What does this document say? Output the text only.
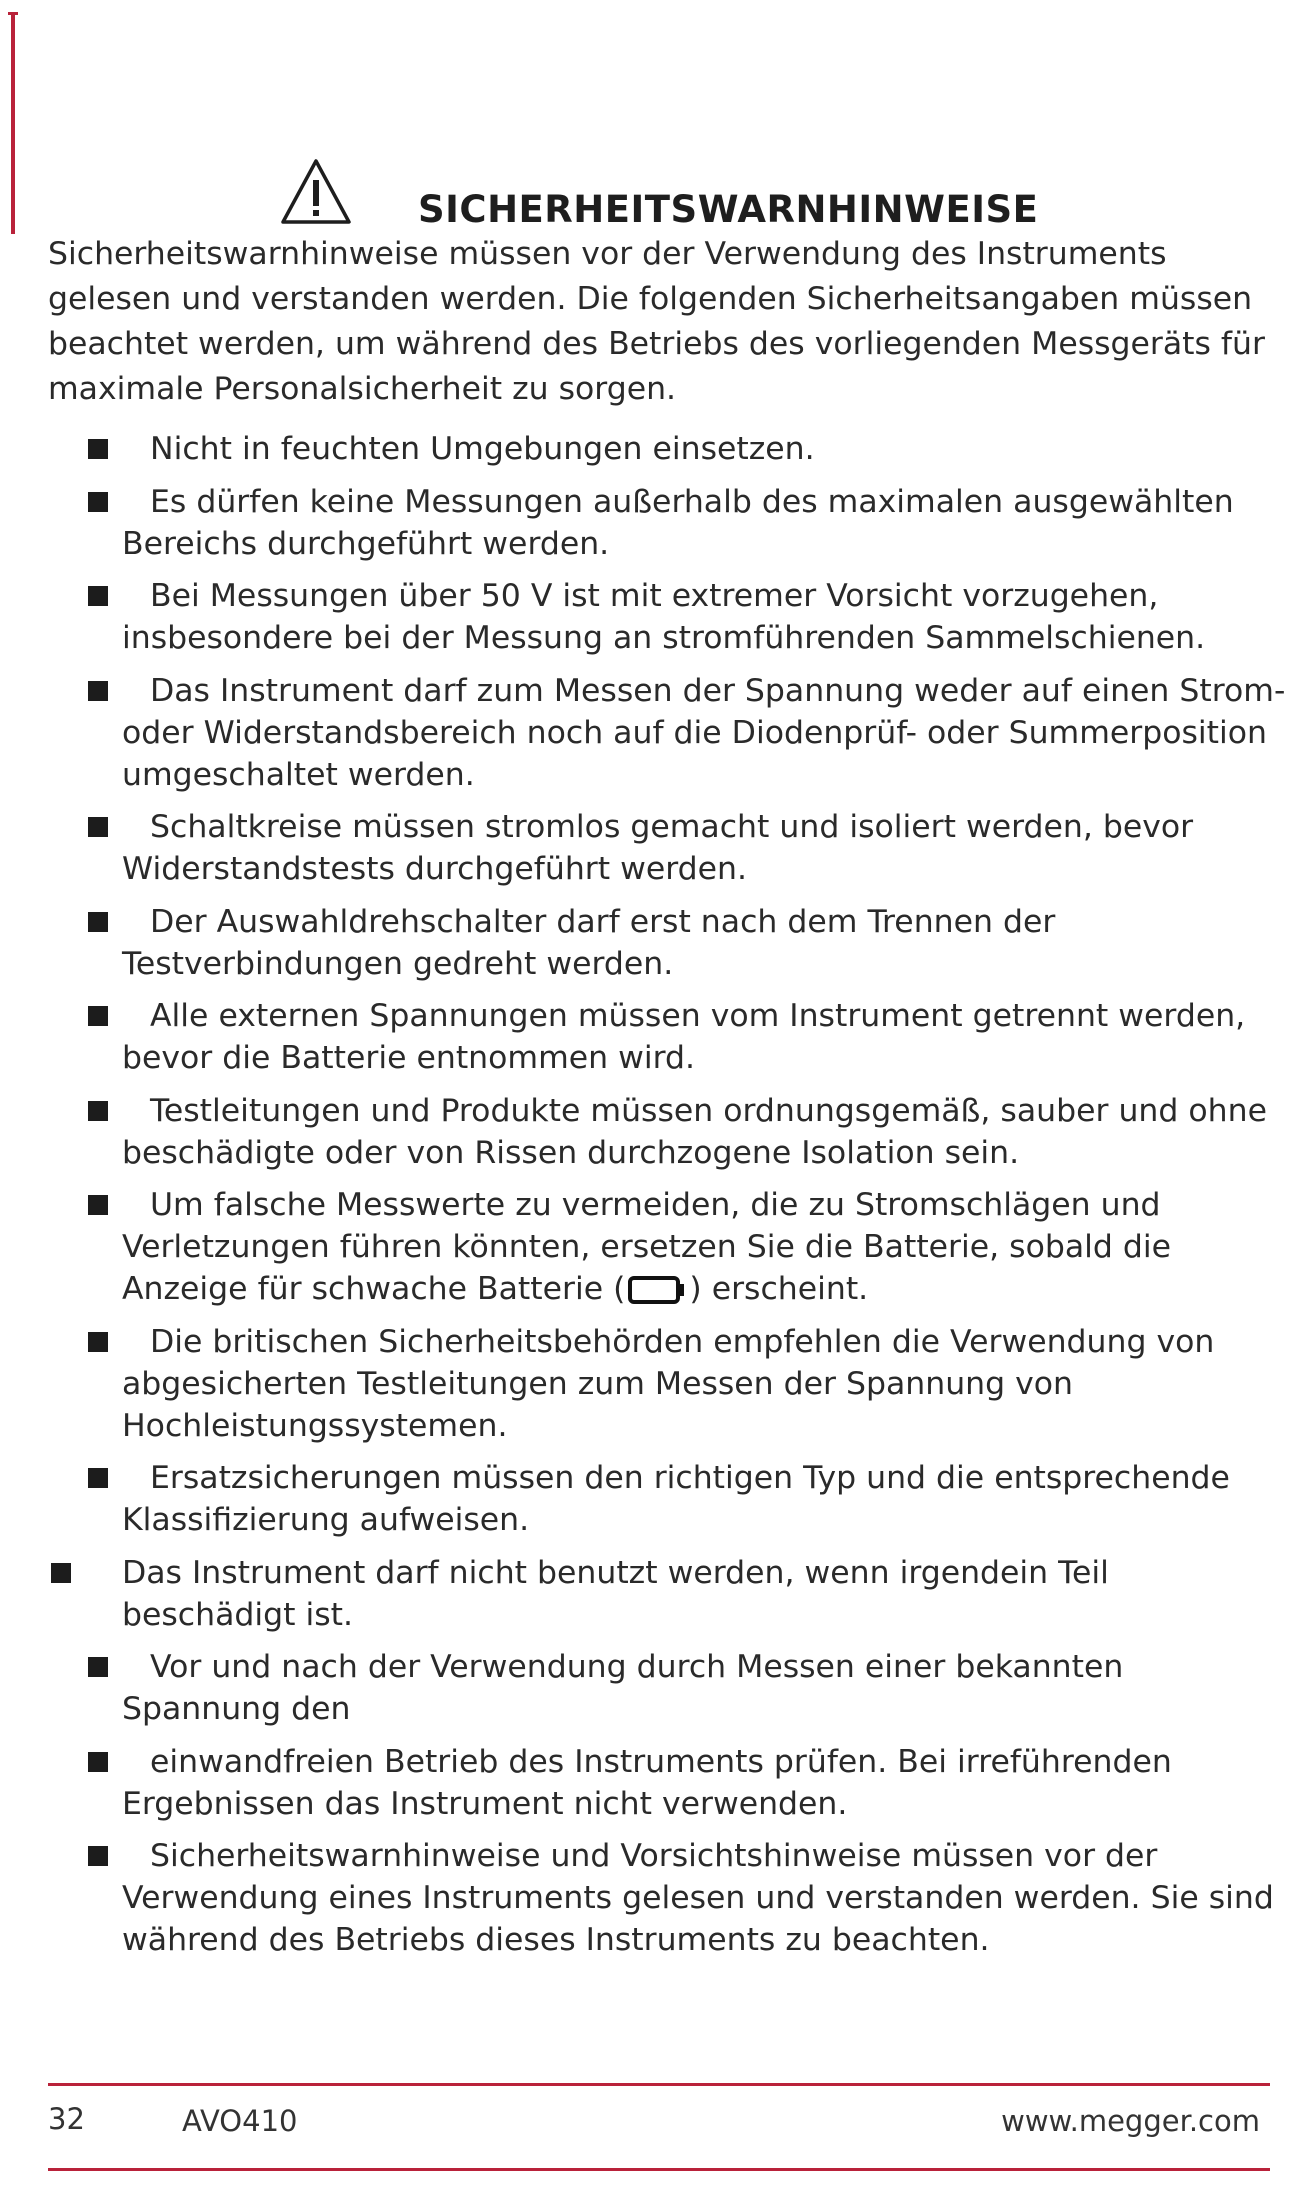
SICHERHEITSWARNHINWEISE

Sicherheitswarnhinweise müssen vor der Verwendung des Instruments gelesen und verstanden werden. Die folgenden Sicherheitsangaben müssen beachtet werden, um während des Betriebs des vorliegenden Messgeräts für maximale Personalsicherheit zu sorgen.

Nicht in feuchten Umgebungen einsetzen.
Es dürfen keine Messungen außerhalb des maximalen ausgewählten Bereichs durchgeführt werden.
Bei Messungen über 50 V ist mit extremer Vorsicht vorzugehen, insbesondere bei der Messung an stromführenden Sammelschienen.
Das Instrument darf zum Messen der Spannung weder auf einen Strom- oder Widerstandsbereich noch auf die Diodenprüf- oder Summerposition umgeschaltet werden.
Schaltkreise müssen stromlos gemacht und isoliert werden, bevor Widerstandstests durchgeführt werden.
Der Auswahldrehschalter darf erst nach dem Trennen der Testverbindungen gedreht werden.
Alle externen Spannungen müssen vom Instrument getrennt werden, bevor die Batterie entnommen wird.
Testleitungen und Produkte müssen ordnungsgemäß, sauber und ohne beschädigte oder von Rissen durchzogene Isolation sein.
Um falsche Messwerte zu vermeiden, die zu Stromschlägen und Verletzungen führen könnten, ersetzen Sie die Batterie, sobald die Anzeige für schwache Batterie ( ) erscheint.
Die britischen Sicherheitsbehörden empfehlen die Verwendung von abgesicherten Testleitungen zum Messen der Spannung von Hochleistungssystemen.
Ersatzsicherungen müssen den richtigen Typ und die entsprechende Klassifizierung aufweisen.
Das Instrument darf nicht benutzt werden, wenn irgendein Teil beschädigt ist.
Vor und nach der Verwendung durch Messen einer bekannten Spannung den
einwandfreien Betrieb des Instruments prüfen. Bei irreführenden Ergebnissen das Instrument nicht verwenden.
Sicherheitswarnhinweise und Vorsichtshinweise müssen vor der Verwendung eines Instruments gelesen und verstanden werden. Sie sind während des Betriebs dieses Instruments zu beachten.
32	AVO410	www.megger.com
